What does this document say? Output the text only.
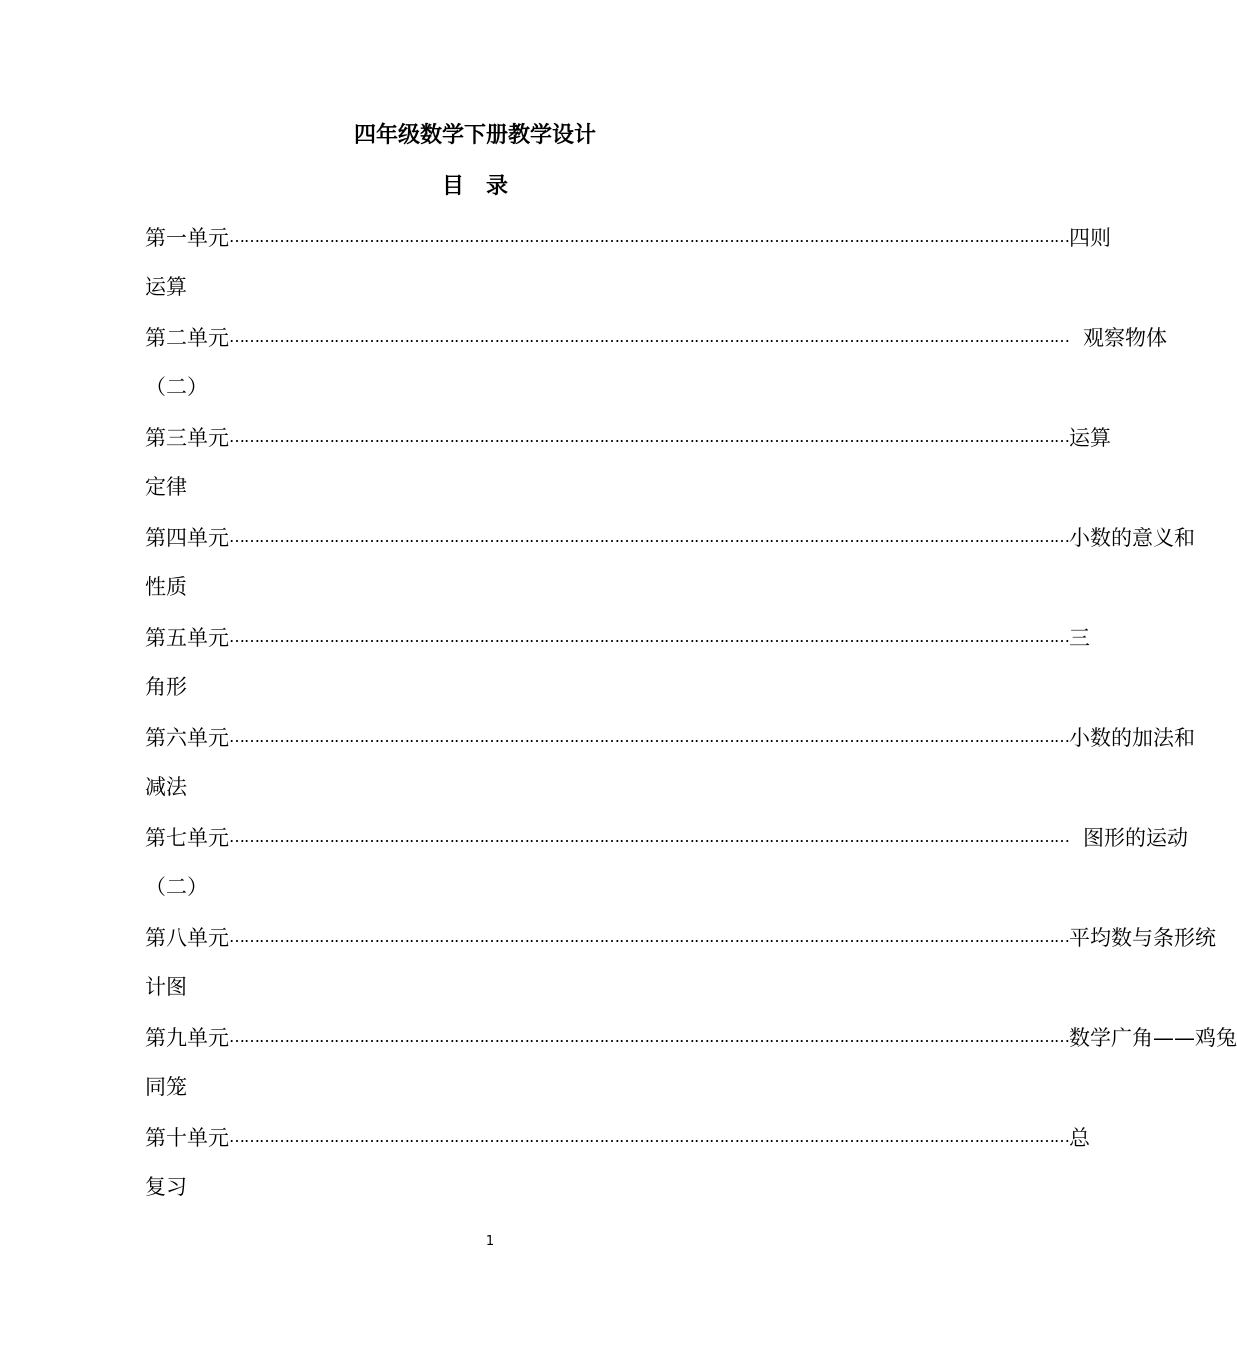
四年级数学下册教学设计
目　录
第一单元 …………………………………………………………………………………………………………………………………………………… 四则
运算
第二单元 …………………………………………………………………………………………………………………………………………………… 观察物体
（二）
第三单元 …………………………………………………………………………………………………………………………………………………… 运算
定律
第四单元 …………………………………………………………………………………………………………………………………………………… 小数的意义和
性质
第五单元 …………………………………………………………………………………………………………………………………………………… 三
角形
第六单元 …………………………………………………………………………………………………………………………………………………… 小数的加法和
减法
第七单元 …………………………………………………………………………………………………………………………………………………… 图形的运动
（二）
第八单元 …………………………………………………………………………………………………………………………………………………… 平均数与条形统
计图
第九单元 …………………………………………………………………………………………………………………………………………………… 数学广角——鸡兔
同笼
第十单元 …………………………………………………………………………………………………………………………………………………… 总
复习
1
